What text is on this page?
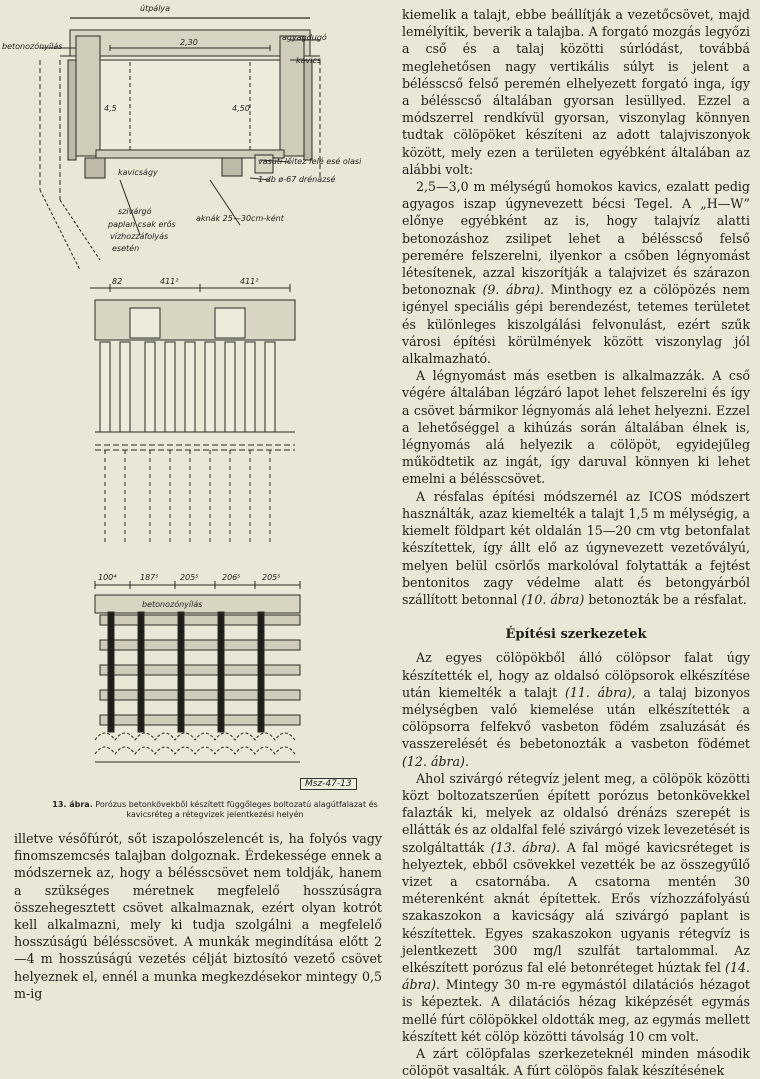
útpálya
betonozónyílás
agyagdugó
kavics
vasúti lőitez felé esé olasi
kavicságy
1 db ø-67 drénazsé
szivárgó
aknák 25—30cm-ként
paplan csak erős
vízhozzáfolyás
esetén
betonozónyílás
2,30
4,5	4,50
82	411²	411²
100⁴	187⁵	205⁵	206⁵	205⁵
Msz-47-13
13. ábra. Porózus betonkövekből készített függőleges boltozatú alagútfalazat és kavicsréteg a rétegvizek jelentkezési helyén

illetve vésőfúrót, sőt iszapolószelencét is, ha folyós vagy finomszemcsés talajban dolgoznak. Érdekessége ennek a módszernek az, hogy a bélésscsövet nem toldják, hanem a szükséges méretnek megfelelő hosszúságra összehegesztett csövet alkalmaznak, ezért olyan kotrót kell alkalmazni, mely ki tudja szolgálni a megfelelő hosszúságú bélésscsövet. A munkák megindítása előtt 2—4 m hosszúságú vezetés célját biztosító vezető csövet helyeznek el, ennél a munka megkezdésekor mintegy 0,5 m-ig

kiemelik a talajt, ebbe beállítják a vezetőcsövet, majd lemélyítik, beverik a talajba. A forgató mozgás legyőzi a cső és a talaj közötti súrlódást, továbbá meglehetősen nagy vertikális súlyt is jelent a bélésscső felső peremén elhelyezett forgató inga, így a bélésscső általában gyorsan lesüllyed. Ezzel a módszerrel rendkívül gyorsan, viszonylag könnyen tudtak cölöpöket készíteni az adott talajviszonyok között, mely ezen a területen egyébként általában az alábbi volt:

2,5—3,0 m mélységű homokos kavics, ezalatt pedig agyagos iszap úgynevezett bécsi Tegel. A „H—W” előnye egyébként az is, hogy talajvíz alatti betonozáshoz zsilipet lehet a bélésscső felső peremére felszerelni, ilyenkor a csőben légnyomást létesítenek, azzal kiszorítják a talajvizet és szárazon betonoznak (9. ábra). Minthogy ez a cölöpözés nem igényel speciális gépi berendezést, tetemes területet és különleges kiszolgálási felvonulást, ezért szűk városi építési körülmények között viszonylag jól alkalmazható.

A légnyomást más esetben is alkalmazzák. A cső végére általában légzáró lapot lehet felszerelni és így a csövet bármikor légnyomás alá lehet helyezni. Ezzel a lehetőséggel a kihúzás során általában élnek is, légnyomás alá helyezik a cölöpöt, egyidejűleg működtetik az ingát, így daruval könnyen ki lehet emelni a bélésscsövet.

A résfalas építési módszernél az ICOS módszert használták, azaz kiemelték a talajt 1,5 m mélységig, a kiemelt földpart két oldalán 15—20 cm vtg betonfalat készítettek, így állt elő az úgynevezett vezetővályú, melyen belül csörlős markolóval folytatták a fejtést bentonitos zagy védelme alatt és betongyárból szállított betonnal (10. ábra) betonozták be a résfalat.

Építési szerkezetek

Az egyes cölöpökből álló cölöpsor falat úgy készítették el, hogy az oldalsó cölöpsorok elkészítése után kiemelték a talajt (11. ábra), a talaj bizonyos mélységben való kiemelése után elkészítették a cölöpsorra felfekvő vasbeton födém zsaluzását és vasszerelését és bebetonozták a vasbeton födémet (12. ábra).

Ahol szivárgó rétegvíz jelent meg, a cölöpök közötti közt boltozatszerűen épített porózus betonkövekkel falazták ki, melyek az oldalsó drénázs szerepét is ellátták és az oldalfal felé szivárgó vizek levezetését is szolgáltatták (13. ábra). A fal mögé kavicsréteget is helyeztek, ebből csövekkel vezették be az összegyűlő vizet a csatornába. A csatorna mentén 30 méterenként aknát építettek. Erős vízhozzáfolyású szakaszokon a kavicságy alá szivárgó paplant is készítettek. Egyes szakaszokon ugyanis rétegvíz is jelentkezett 300 mg/l szulfát tartalommal. Az elkészített porózus fal elé betonréteget húztak fel (14. ábra). Mintegy 30 m-re egymástól dilatációs hézagot is képeztek. A dilatációs hézag kiképzését egymás mellé fúrt cölöpökkel oldották meg, az egymás mellett készített két cölöp közötti távolság 10 cm volt.

A zárt cölöpfalas szerkezeteknél minden második cölöpöt vasalták. A fúrt cölöpös falak készítésének
